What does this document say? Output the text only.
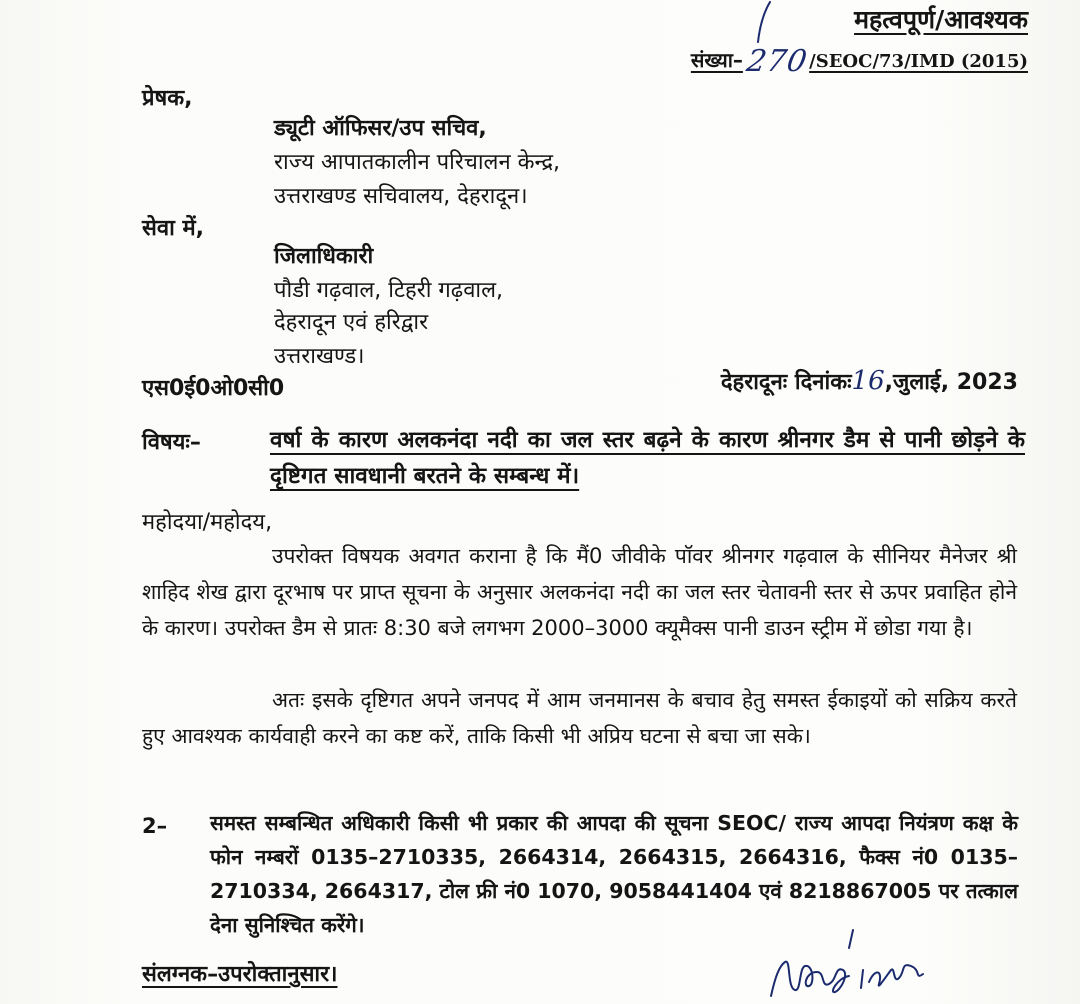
महत्वपूर्ण/आवश्यक
संख्या–270/SEOC/73/IMD (2015)
प्रेषक,
ड्यूटी ऑफिसर/उप सचिव,
राज्य आपातकालीन परिचालन केन्द्र,
उत्तराखण्ड सचिवालय, देहरादून।
सेवा में,
जिलाधिकारी
पौडी गढ़वाल, टिहरी गढ़वाल,
देहरादून एवं हरिद्वार
उत्तराखण्ड।
एस0ई0ओ0सी0	देहरादूनः दिनांकः16,जुलाई, 2023
विषयः–	वर्षा के कारण अलकनंदा नदी का जल स्तर बढ़ने के कारण श्रीनगर डैम से पानी छोड़ने के दृष्टिगत सावधानी बरतने के सम्बन्ध में।
महोदया/महोदय,
उपरोक्त विषयक अवगत कराना है कि मैं0 जीवीके पॉवर श्रीनगर गढ़वाल के सीनियर मैनेजर श्री शाहिद शेख द्वारा दूरभाष पर प्राप्त सूचना के अनुसार अलकनंदा नदी का जल स्तर चेतावनी स्तर से ऊपर प्रवाहित होने के कारण। उपरोक्त डैम से प्रातः 8:30 बजे लगभग 2000–3000 क्यूमैक्स पानी डाउन स्ट्रीम में छोडा गया है।
अतः इसके दृष्टिगत अपने जनपद में आम जनमानस के बचाव हेतु समस्त ईकाइयों को सक्रिय करते हुए आवश्यक कार्यवाही करने का कष्ट करें, ताकि किसी भी अप्रिय घटना से बचा जा सके।
2– समस्त सम्बन्धित अधिकारी किसी भी प्रकार की आपदा की सूचना SEOC/ राज्य आपदा नियंत्रण कक्ष के फोन नम्बरों 0135–2710335, 2664314, 2664315, 2664316, फैक्स नं0 0135–2710334, 2664317, टोल फ्री नं0 1070, 9058441404 एवं 8218867005 पर तत्काल देना सुनिश्चित करेंगे।
संलग्नक–उपरोक्तानुसार।
